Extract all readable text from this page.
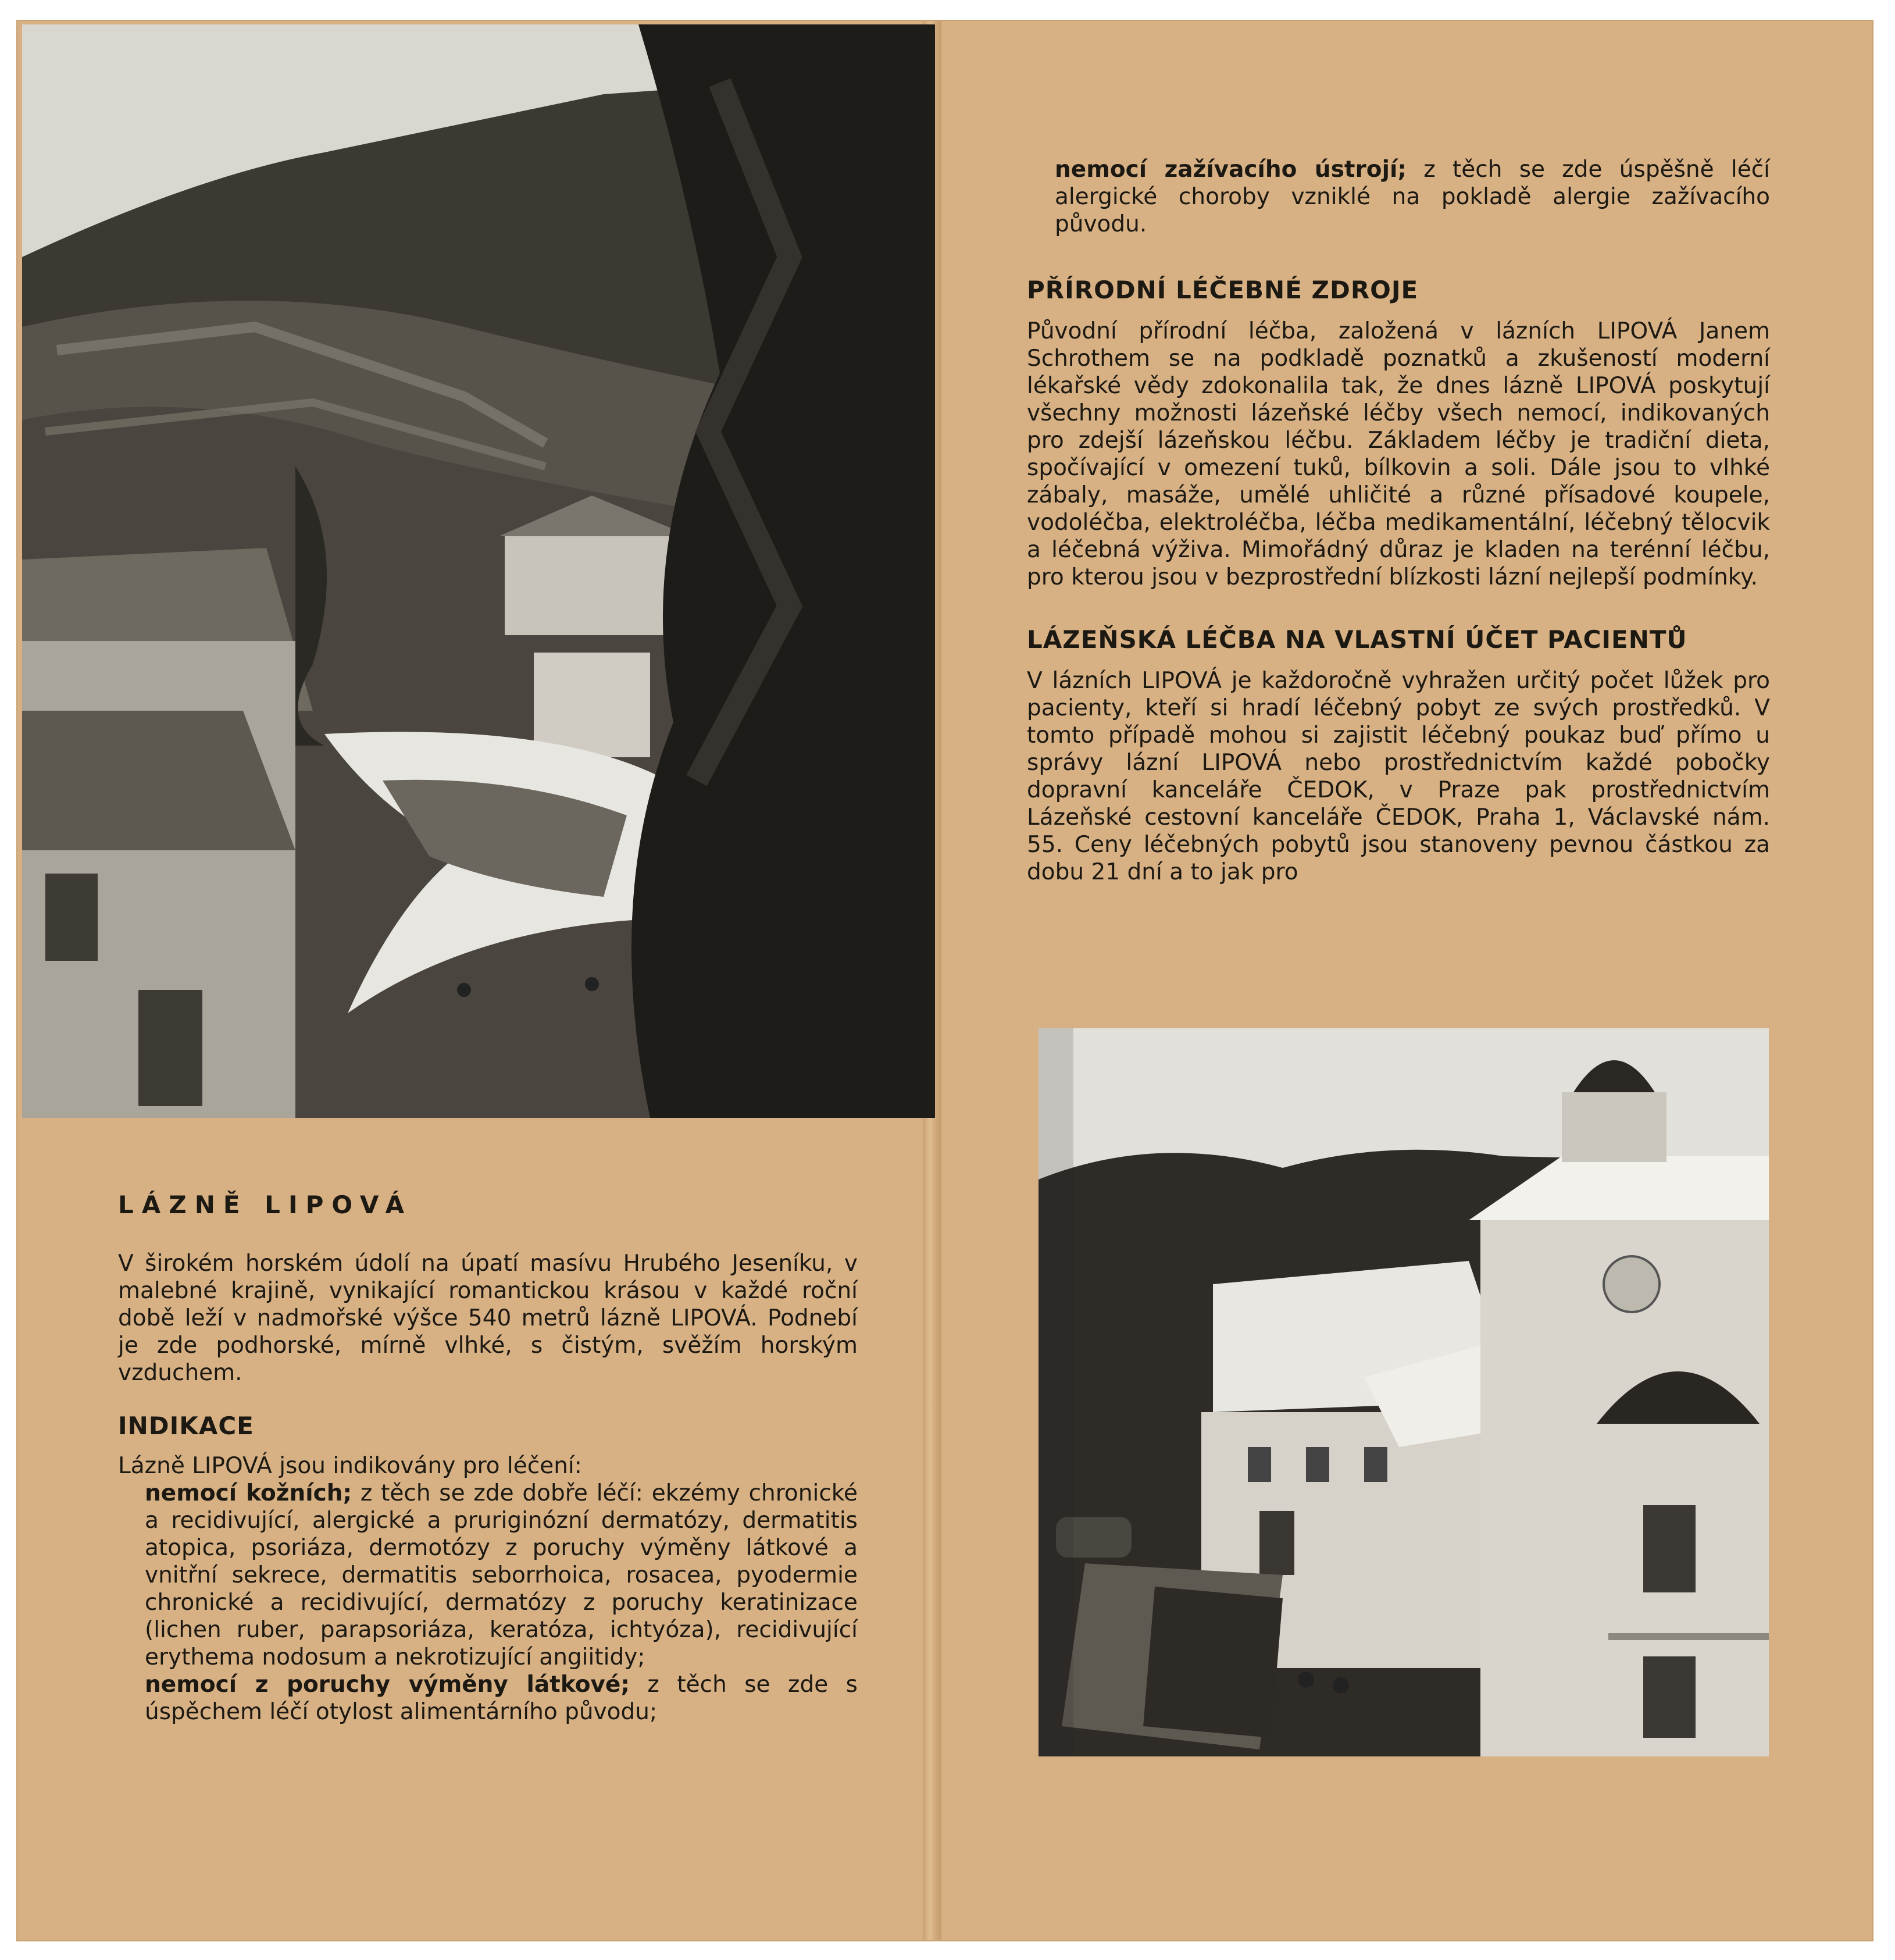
LÁZNĚ LIPOVÁ

V širokém horském údolí na úpatí masívu Hrubého Jeseníku, v malebné krajině, vynikající romantickou krásou v každé roční době leží v nadmořské výšce 540 metrů lázně LIPOVÁ. Podnebí je zde podhorské, mírně vlhké, s čistým, svěžím horským vzduchem.

INDIKACE

Lázně LIPOVÁ jsou indikovány pro léčení:

nemocí kožních; z těch se zde dobře léčí: ekzémy chronické a recidivující, alergické a pruriginózní dermatózy, dermatitis atopica, psoriáza, dermotózy z poruchy výměny látkové a vnitřní sekrece, dermatitis seborrhoica, rosacea, pyodermie chronické a recidivující, dermatózy z poruchy keratinizace (lichen ruber, parapsoriáza, keratóza, ichtyóza), recidivující erythema nodosum a nekrotizující angiitidy;

nemocí z poruchy výměny látkové; z těch se zde s úspěchem léčí otylost alimentárního původu;

nemocí zažívacího ústrojí; z těch se zde úspěšně léčí alergické choroby vzniklé na pokladě alergie zažívacího původu.

PŘÍRODNÍ LÉČEBNÉ ZDROJE

Původní přírodní léčba, založená v lázních LIPOVÁ Janem Schrothem se na podkladě poznatků a zkušeností moderní lékařské vědy zdokonalila tak, že dnes lázně LIPOVÁ poskytují všechny možnosti lázeňské léčby všech nemocí, indikovaných pro zdejší lázeňskou léčbu. Základem léčby je tradiční dieta, spočívající v omezení tuků, bílkovin a soli. Dále jsou to vlhké zábaly, masáže, umělé uhličité a různé přísadové koupele, vodoléčba, elektroléčba, léčba medikamentální, léčebný tělocvik a léčebná výživa. Mimořádný důraz je kladen na terénní léčbu, pro kterou jsou v bezprostřední blízkosti lázní nejlepší podmínky.

LÁZEŇSKÁ LÉČBA NA VLASTNÍ ÚČET PACIENTŮ

V lázních LIPOVÁ je každoročně vyhražen určitý počet lůžek pro pacienty, kteří si hradí léčebný pobyt ze svých prostředků. V tomto případě mohou si zajistit léčebný poukaz buď přímo u správy lázní LIPOVÁ nebo prostřednictvím každé pobočky dopravní kanceláře ČEDOK, v Praze pak prostřednictvím Lázeňské cestovní kanceláře ČEDOK, Praha 1, Václavské nám. 55. Ceny léčebných pobytů jsou stanoveny pevnou částkou za dobu 21 dní a to jak pro
